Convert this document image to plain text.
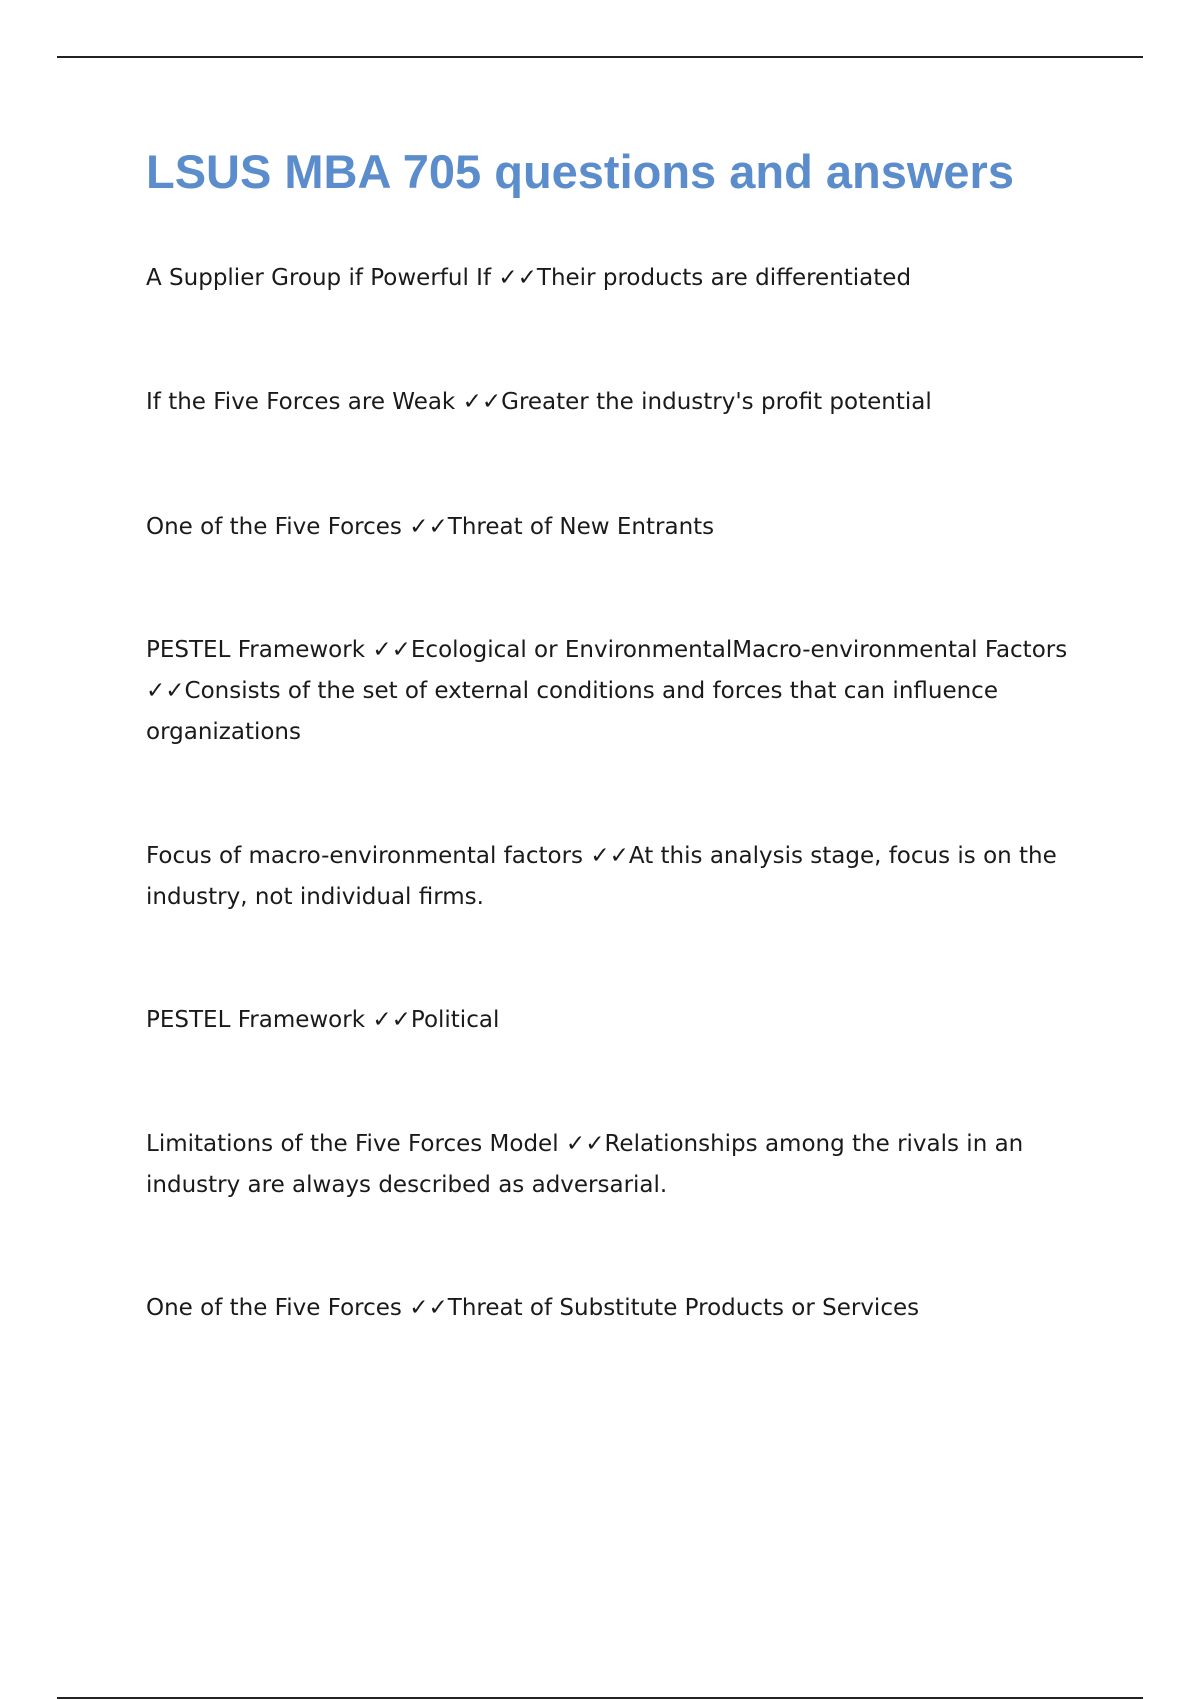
LSUS MBA 705 questions and answers

A Supplier Group if Powerful If ✓✓Their products are differentiated

If the Five Forces are Weak ✓✓Greater the industry's profit potential

One of the Five Forces ✓✓Threat of New Entrants

PESTEL Framework ✓✓Ecological or EnvironmentalMacro-environmental Factors
✓✓Consists of the set of external conditions and forces that can influence organizations

Focus of macro-environmental factors ✓✓At this analysis stage, focus is on the industry, not individual firms.

PESTEL Framework ✓✓Political

Limitations of the Five Forces Model ✓✓Relationships among the rivals in an industry are always described as adversarial.

One of the Five Forces ✓✓Threat of Substitute Products or Services
